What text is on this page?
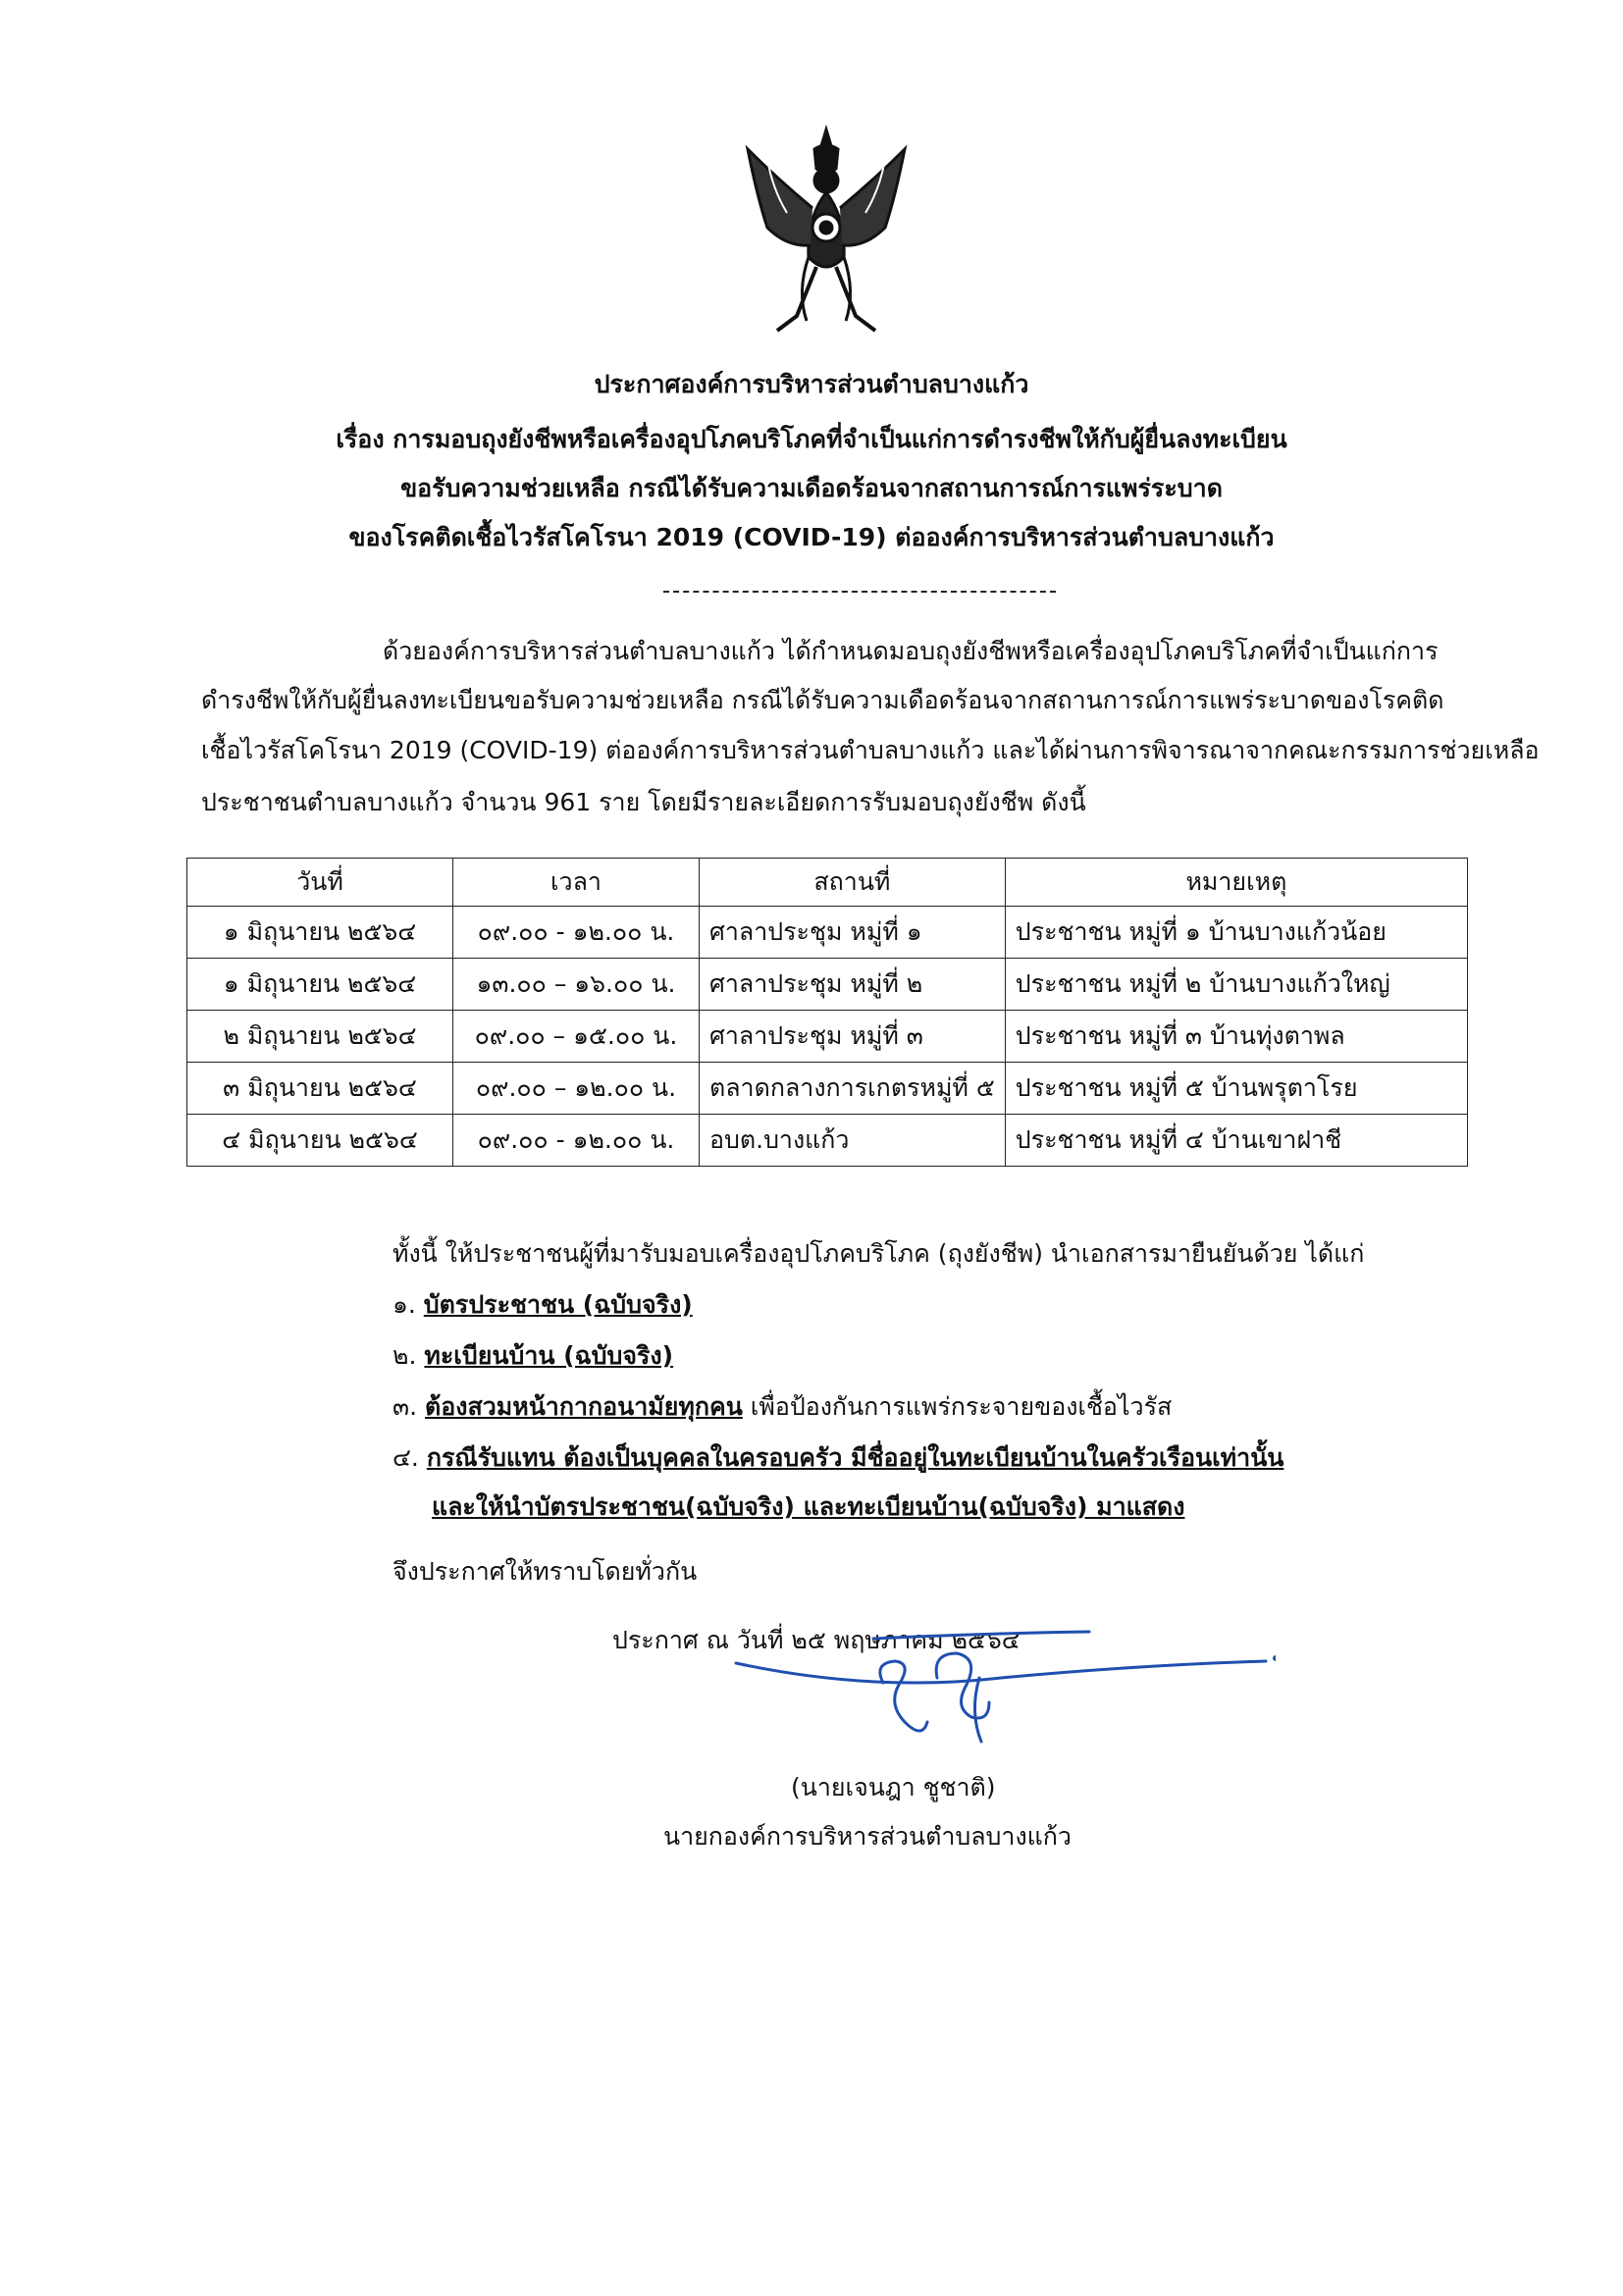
ประกาศองค์การบริหารส่วนตำบลบางแก้ว
เรื่อง การมอบถุงยังชีพหรือเครื่องอุปโภคบริโภคที่จำเป็นแก่การดำรงชีพให้กับผู้ยื่นลงทะเบียน
ขอรับความช่วยเหลือ กรณีได้รับความเดือดร้อนจากสถานการณ์การแพร่ระบาด
ของโรคติดเชื้อไวรัสโคโรนา 2019 (COVID-19) ต่อองค์การบริหารส่วนตำบลบางแก้ว
ด้วยองค์การบริหารส่วนตำบลบางแก้ว ได้กำหนดมอบถุงยังชีพหรือเครื่องอุปโภคบริโภคที่จำเป็นแก่การ
ดำรงชีพให้กับผู้ยื่นลงทะเบียนขอรับความช่วยเหลือ กรณีได้รับความเดือดร้อนจากสถานการณ์การแพร่ระบาดของโรคติด
เชื้อไวรัสโคโรนา 2019 (COVID-19) ต่อองค์การบริหารส่วนตำบลบางแก้ว และได้ผ่านการพิจารณาจากคณะกรรมการช่วยเหลือ
ประชาชนตำบลบางแก้ว จำนวน 961 ราย โดยมีรายละเอียดการรับมอบถุงยังชีพ ดังนี้
วันที่	เวลา	สถานที่	หมายเหตุ
๑ มิถุนายน ๒๕๖๔	๐๙.๐๐ - ๑๒.๐๐ น.	ศาลาประชุม หมู่ที่ ๑	ประชาชน หมู่ที่ ๑ บ้านบางแก้วน้อย
๑ มิถุนายน ๒๕๖๔	๑๓.๐๐ – ๑๖.๐๐ น.	ศาลาประชุม หมู่ที่ ๒	ประชาชน หมู่ที่ ๒ บ้านบางแก้วใหญ่
๒ มิถุนายน ๒๕๖๔	๐๙.๐๐ – ๑๕.๐๐ น.	ศาลาประชุม หมู่ที่ ๓	ประชาชน หมู่ที่ ๓ บ้านทุ่งตาพล
๓ มิถุนายน ๒๕๖๔	๐๙.๐๐ – ๑๒.๐๐ น.	ตลาดกลางการเกตรหมู่ที่ ๕	ประชาชน หมู่ที่ ๕ บ้านพรุตาโรย
๔ มิถุนายน ๒๕๖๔	๐๙.๐๐ - ๑๒.๐๐ น.	อบต.บางแก้ว	ประชาชน หมู่ที่ ๔ บ้านเขาฝาชี
ทั้งนี้ ให้ประชาชนผู้ที่มารับมอบเครื่องอุปโภคบริโภค (ถุงยังชีพ) นำเอกสารมายืนยันด้วย ได้แก่
๑. บัตรประชาชน (ฉบับจริง)
๒. ทะเบียนบ้าน (ฉบับจริง)
๓. ต้องสวมหน้ากากอนามัยทุกคน เพื่อป้องกันการแพร่กระจายของเชื้อไวรัส
๔. กรณีรับแทน ต้องเป็นบุคคลในครอบครัว มีชื่ออยู่ในทะเบียนบ้านในครัวเรือนเท่านั้น
และให้นำบัตรประชาชน(ฉบับจริง) และทะเบียนบ้าน(ฉบับจริง) มาแสดง
จึงประกาศให้ทราบโดยทั่วกัน
ประกาศ ณ วันที่ ๒๕ พฤษภาคม ๒๕๖๔
(นายเจนฎา ชูชาติ)
นายกองค์การบริหารส่วนตำบลบางแก้ว
